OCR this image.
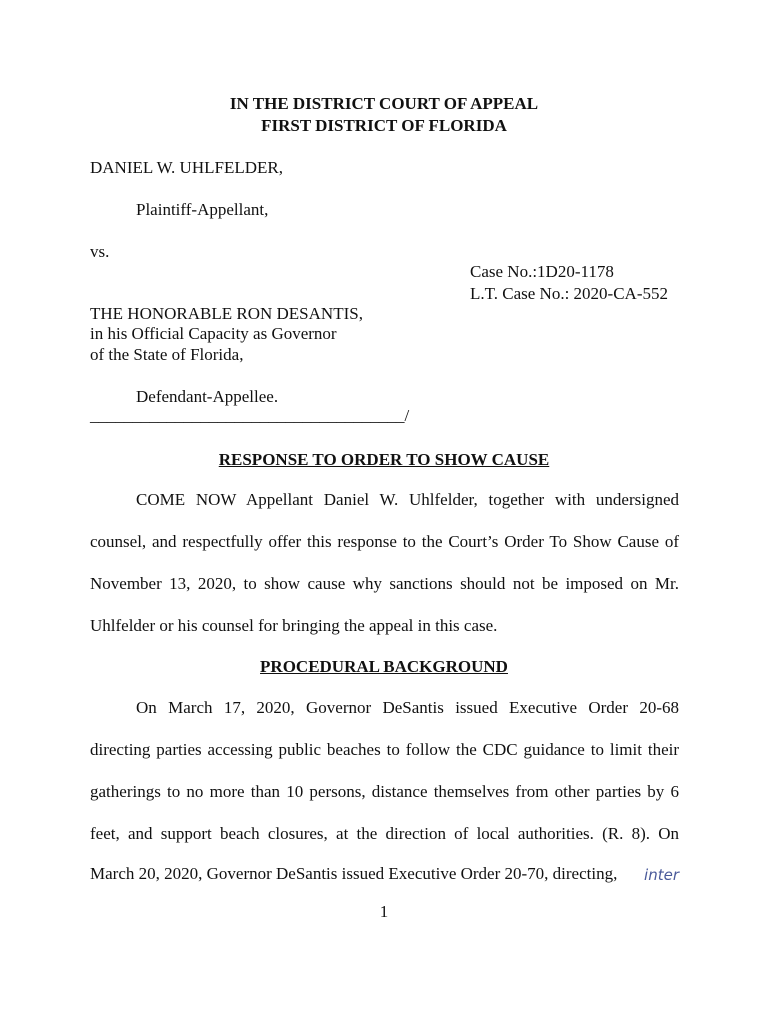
IN THE DISTRICT COURT OF APPEAL
FIRST DISTRICT OF FLORIDA
DANIEL W. UHLFELDER,
Plaintiff-Appellant,
vs.
Case No.:1D20-1178
L.T. Case No.: 2020-CA-552
THE HONORABLE RON DESANTIS,
in his Official Capacity as Governor
of the State of Florida,
Defendant-Appellee.
_____________________________________/
RESPONSE TO ORDER TO SHOW CAUSE
COME NOW Appellant Daniel W. Uhlfelder, together with undersigned
counsel, and respectfully offer this response to the Court’s Order To Show Cause of
November 13, 2020, to show cause why sanctions should not be imposed on Mr.
Uhlfelder or his counsel for bringing the appeal in this case.
PROCEDURAL BACKGROUND
On March 17, 2020, Governor DeSantis issued Executive Order 20-68
directing parties accessing public beaches to follow the CDC guidance to limit their
gatherings to no more than 10 persons, distance themselves from other parties by 6
feet, and support beach closures, at the direction of local authorities. (R. 8). On
March 20, 2020, Governor DeSantis issued Executive Order 20-70, directing, inter
1
